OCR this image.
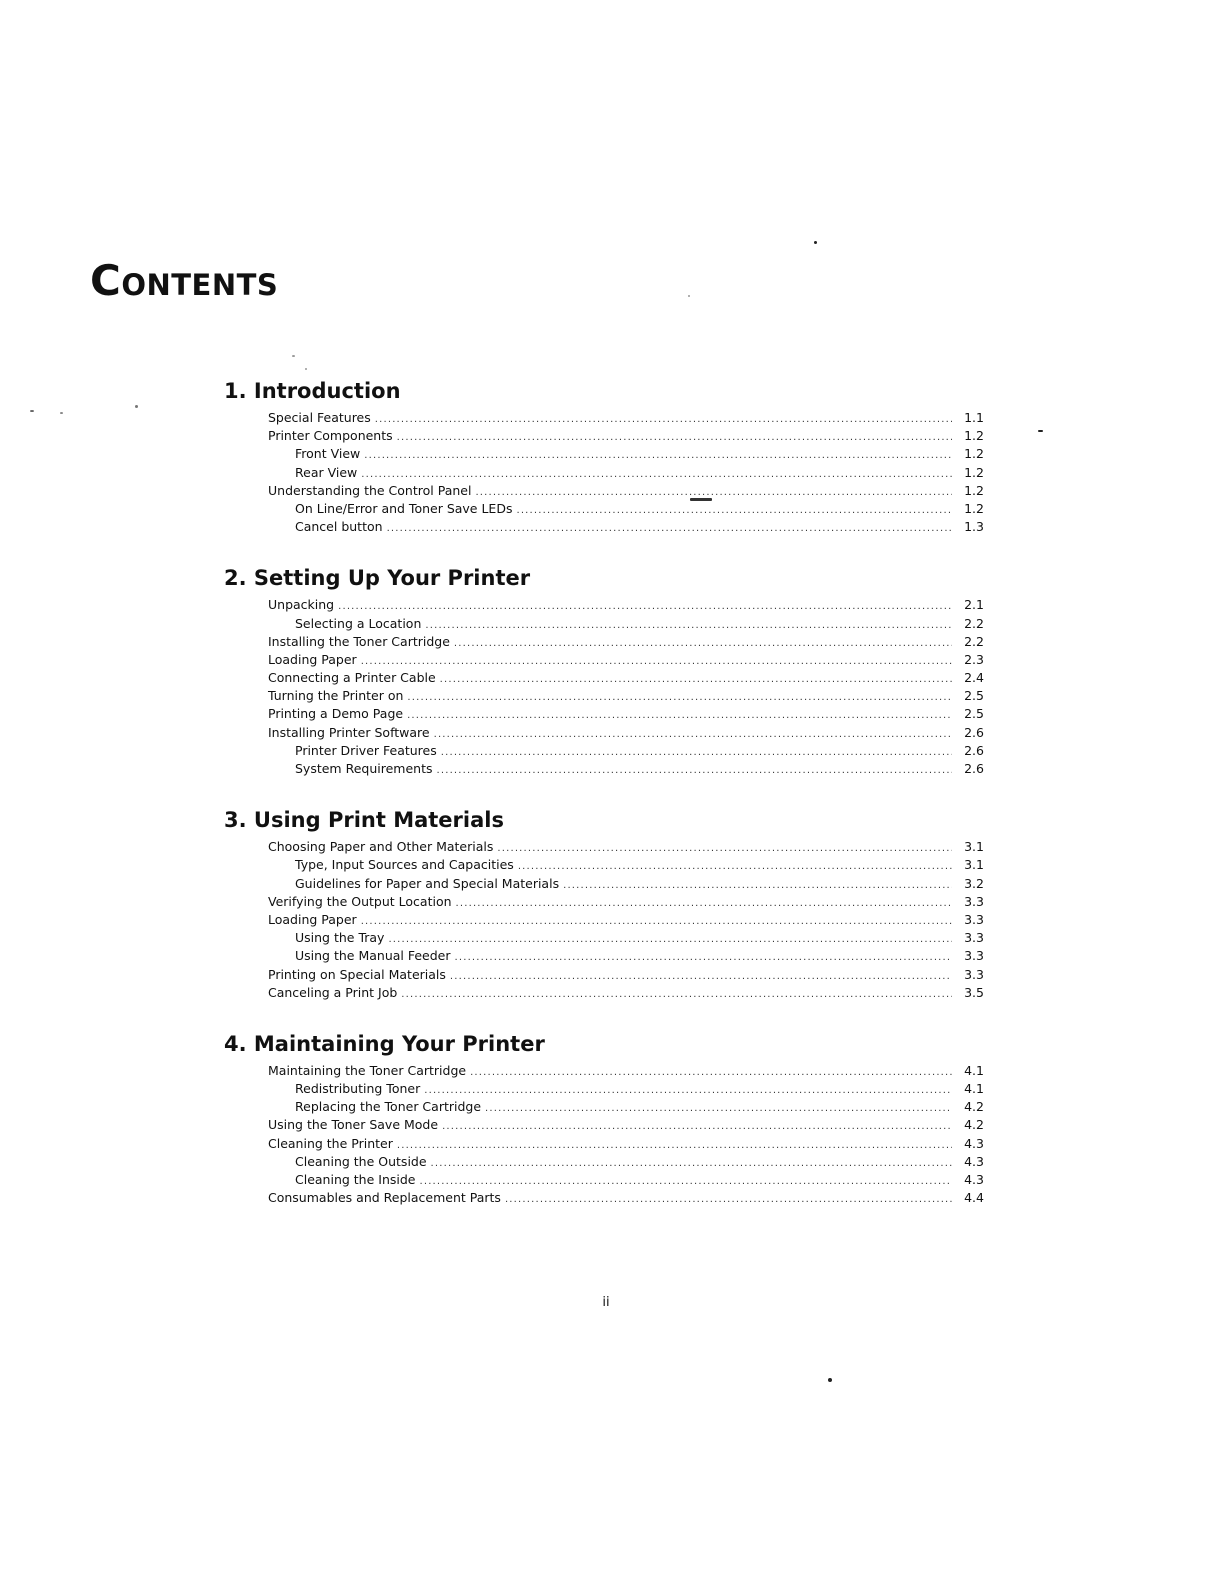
Contents
1. Introduction
Special Features . . .	1.1
Printer Components . . .	1.2
Front View . . .	1.2
Rear View . . .	1.2
Understanding the Control Panel . . .	1.2
On Line/Error and Toner Save LEDs . . .	1.2
Cancel button . . .	1.3
2. Setting Up Your Printer
Unpacking . . .	2.1
Selecting a Location . . .	2.2
Installing the Toner Cartridge . . .	2.2
Loading Paper . . .	2.3
Connecting a Printer Cable . . .	2.4
Turning the Printer on . . .	2.5
Printing a Demo Page . . .	2.5
Installing Printer Software . . .	2.6
Printer Driver Features . . .	2.6
System Requirements . . .	2.6
3. Using Print Materials
Choosing Paper and Other Materials . . .	3.1
Type, Input Sources and Capacities . . .	3.1
Guidelines for Paper and Special Materials . . .	3.2
Verifying the Output Location . . .	3.3
Loading Paper . . .	3.3
Using the Tray . . .	3.3
Using the Manual Feeder . . .	3.3
Printing on Special Materials . . .	3.3
Canceling a Print Job . . .	3.5
4. Maintaining Your Printer
Maintaining the Toner Cartridge . . .	4.1
Redistributing Toner . . .	4.1
Replacing the Toner Cartridge . . .	4.2
Using the Toner Save Mode . . .	4.2
Cleaning the Printer . . .	4.3
Cleaning the Outside . . .	4.3
Cleaning the Inside . . .	4.3
Consumables and Replacement Parts . . .	4.4
ii
